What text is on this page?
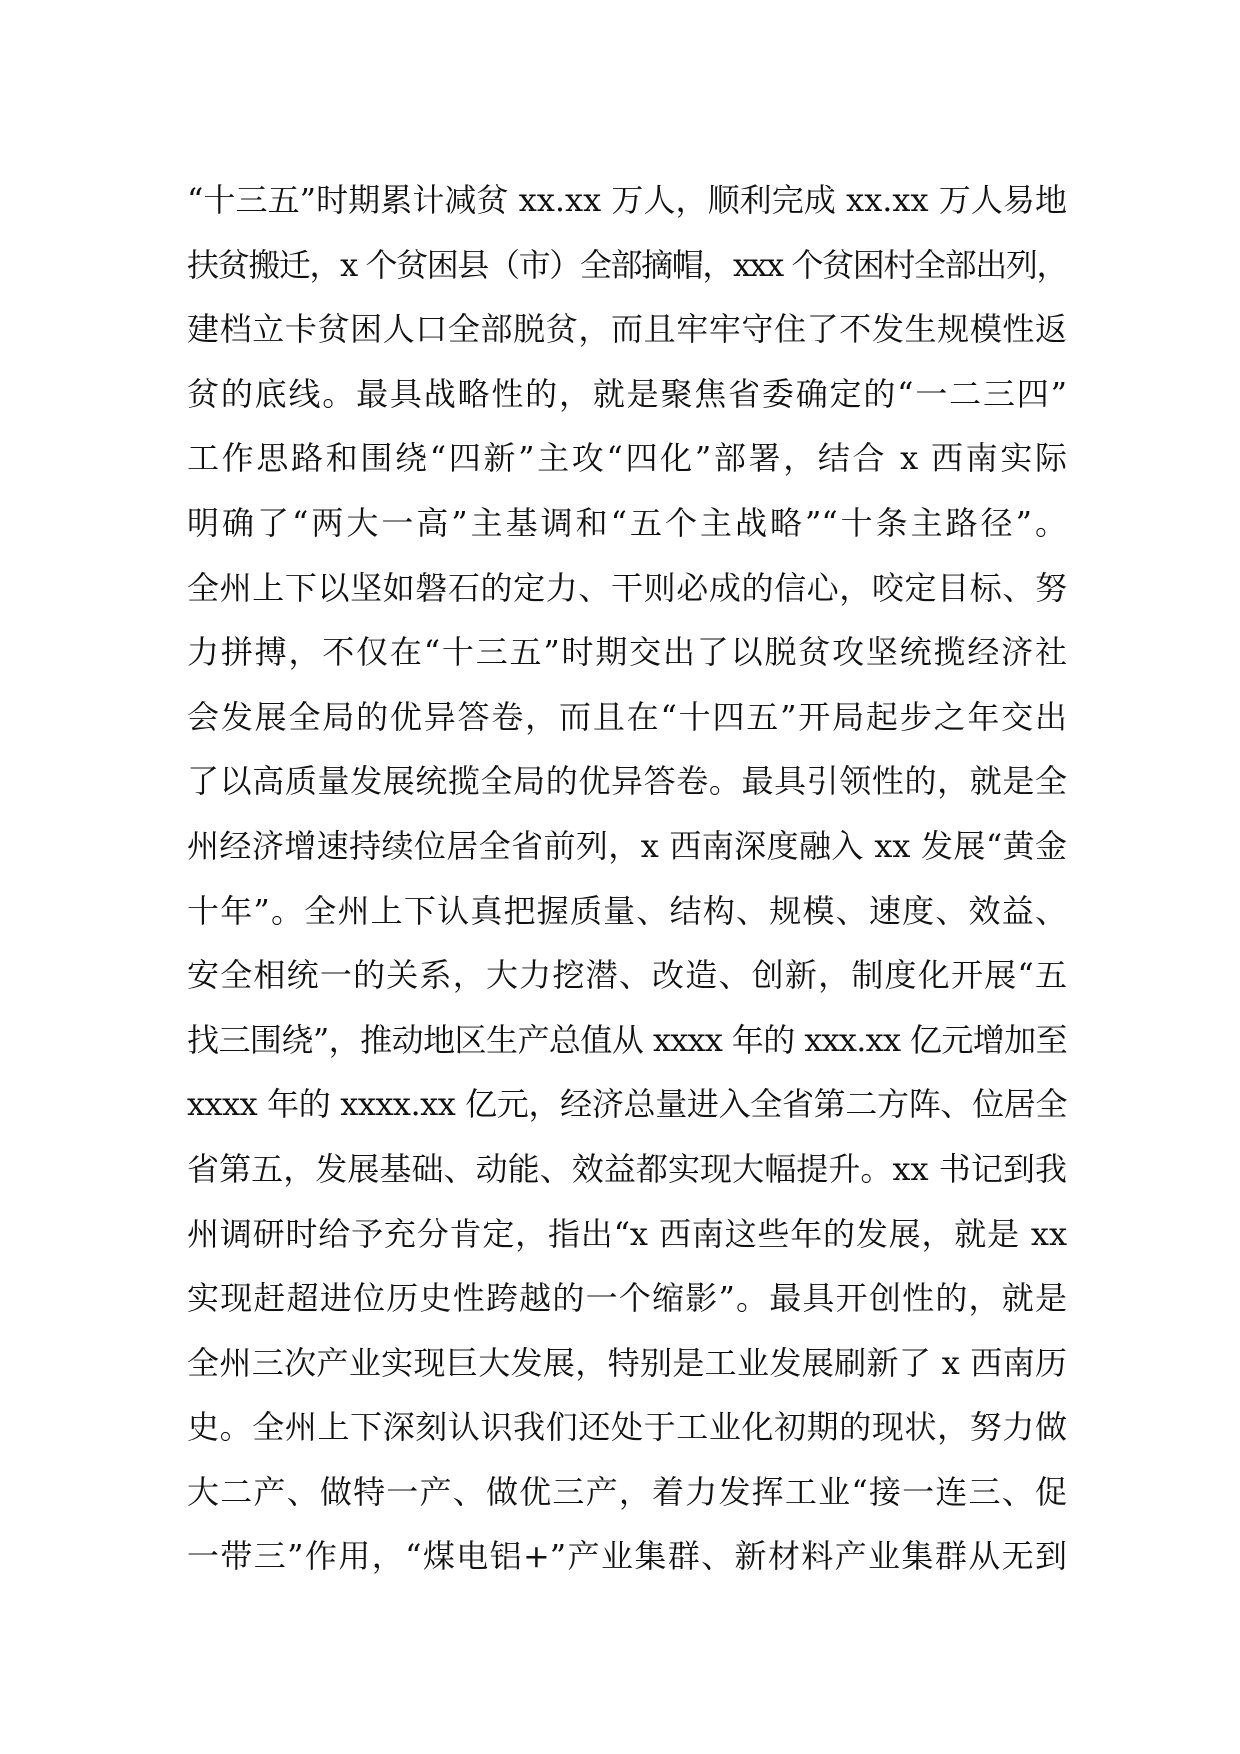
“十三五”时期累计减贫 xx.xx 万人，顺利完成 xx.xx 万人易地
扶贫搬迁，x 个贫困县（市）全部摘帽，xxx 个贫困村全部出列，
建档立卡贫困人口全部脱贫，而且牢牢守住了不发生规模性返
贫的底线。最具战略性的，就是聚焦省委确定的“一二三四”
工作思路和围绕“四新”主攻“四化”部署，结合 x 西南实际
明确了“两大一高”主基调和“五个主战略”“十条主路径”。
全州上下以坚如磐石的定力、干则必成的信心，咬定目标、努
力拼搏，不仅在“十三五”时期交出了以脱贫攻坚统揽经济社
会发展全局的优异答卷，而且在“十四五”开局起步之年交出
了以高质量发展统揽全局的优异答卷。最具引领性的，就是全
州经济增速持续位居全省前列，x 西南深度融入 xx 发展“黄金
十年”。全州上下认真把握质量、结构、规模、速度、效益、
安全相统一的关系，大力挖潜、改造、创新，制度化开展“五
找三围绕”，推动地区生产总值从 xxxx 年的 xxx.xx 亿元增加至
xxxx 年的 xxxx.xx 亿元，经济总量进入全省第二方阵、位居全
省第五，发展基础、动能、效益都实现大幅提升。xx 书记到我
州调研时给予充分肯定，指出“x 西南这些年的发展，就是 xx
实现赶超进位历史性跨越的一个缩影”。最具开创性的，就是
全州三次产业实现巨大发展，特别是工业发展刷新了 x 西南历
史。全州上下深刻认识我们还处于工业化初期的现状，努力做
大二产、做特一产、做优三产，着力发挥工业“接一连三、促
一带三”作用，“煤电铝+”产业集群、新材料产业集群从无到
